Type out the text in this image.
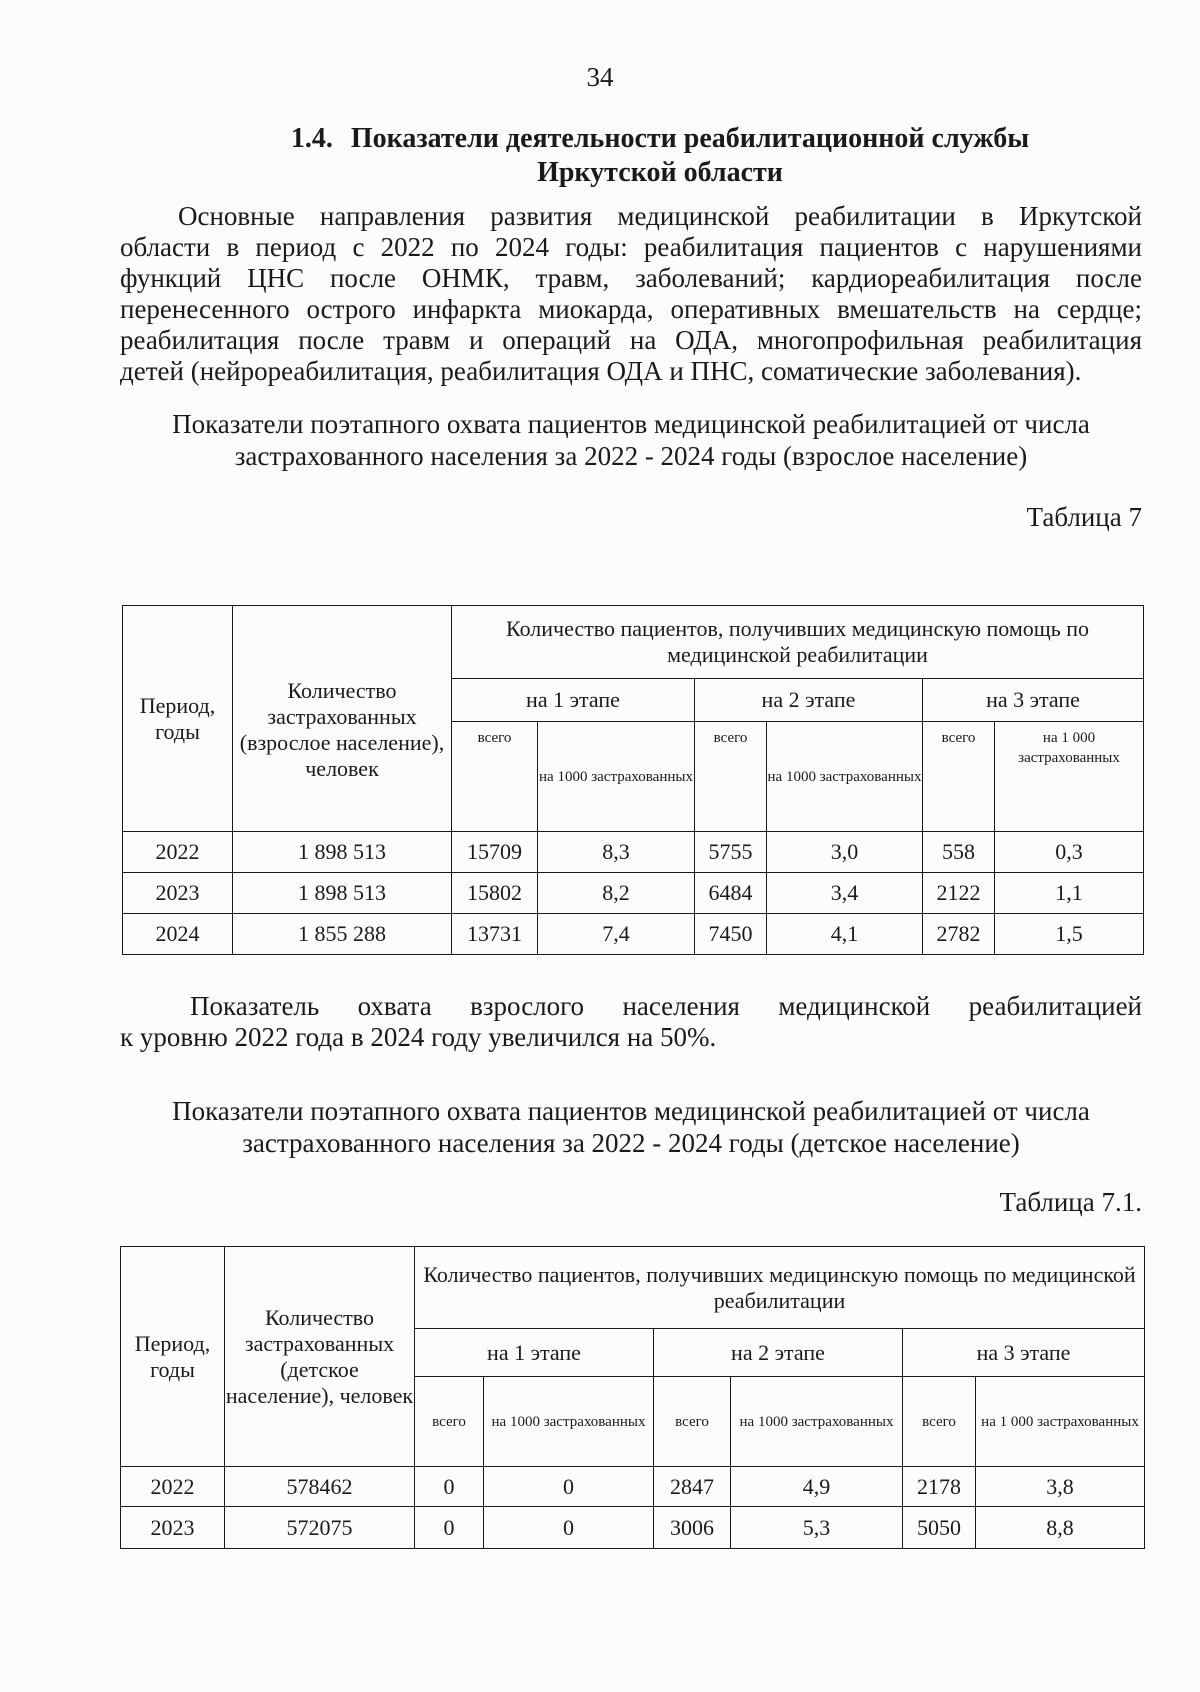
34
1.4. Показатели деятельности реабилитационной службы
Иркутской области
Основные направления развития медицинской реабилитации в Иркутской
области в период с 2022 по 2024 годы: реабилитация пациентов с нарушениями
функций ЦНС после ОНМК, травм, заболеваний; кардиореабилитация после
перенесенного острого инфаркта миокарда, оперативных вмешательств на сердце;
реабилитация после травм и операций на ОДА, многопрофильная реабилитация
детей (нейрореабилитация, реабилитация ОДА и ПНС, соматические заболевания).
Показатели поэтапного охвата пациентов медицинской реабилитацией от числа
застрахованного населения за 2022 - 2024 годы (взрослое население)
Таблица 7
Период, годы	Количество застрахованных (взрослое население), человек	Количество пациентов, получивших медицинскую помощь по медицинской реабилитации					
		на 1 этапе		на 2 этапе		на 3 этапе	
		всего	на 1000 застрахованных	всего	на 1000 застрахованных	всего	на 1 000 застрахованных
2022	1 898 513	15709	8,3	5755	3,0	558	0,3
2023	1 898 513	15802	8,2	6484	3,4	2122	1,1
2024	1 855 288	13731	7,4	7450	4,1	2782	1,5
Показатель охвата взрослого населения медицинской реабилитацией
к уровню 2022 года в 2024 году увеличился на 50%.
Показатели поэтапного охвата пациентов медицинской реабилитацией от числа
застрахованного населения за 2022 - 2024 годы (детское население)
Таблица 7.1.
Период, годы	Количество застрахованных (детское население), человек	Количество пациентов, получивших медицинскую помощь по медицинской реабилитации					
		на 1 этапе		на 2 этапе		на 3 этапе	
		всего	на 1000 застрахованных	всего	на 1000 застрахованных	всего	на 1 000 застрахованных
2022	578462	0	0	2847	4,9	2178	3,8
2023	572075	0	0	3006	5,3	5050	8,8
